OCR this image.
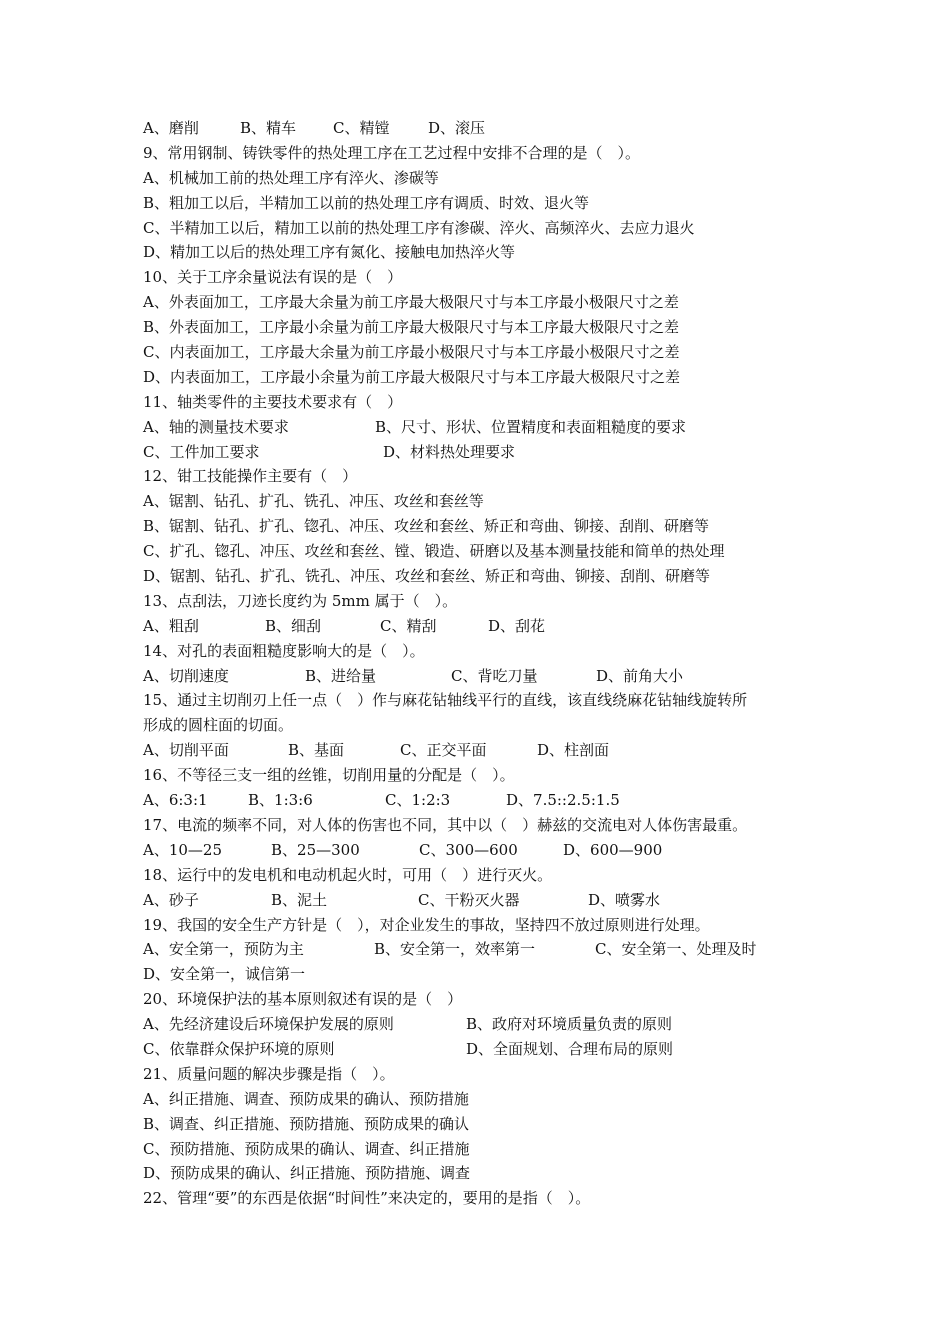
A、磨削	B、精车 C、精镗	D、滚压
9、常用钢制、铸铁零件的热处理工序在工艺过程中安排不合理的是（　）。
A、机械加工前的热处理工序有淬火、渗碳等
B、粗加工以后，半精加工以前的热处理工序有调质、时效、退火等
C、半精加工以后，精加工以前的热处理工序有渗碳、淬火、高频淬火、去应力退火
D、精加工以后的热处理工序有氮化、接触电加热淬火等
10、关于工序余量说法有误的是（　）
A、外表面加工，工序最大余量为前工序最大极限尺寸与本工序最小极限尺寸之差
B、外表面加工，工序最小余量为前工序最大极限尺寸与本工序最大极限尺寸之差
C、内表面加工，工序最大余量为前工序最小极限尺寸与本工序最小极限尺寸之差
D、内表面加工，工序最小余量为前工序最大极限尺寸与本工序最大极限尺寸之差
11、轴类零件的主要技术要求有（　）
A、轴的测量技术要求	B、尺寸、形状、位置精度和表面粗糙度的要求
C、工件加工要求	D、材料热处理要求
12、钳工技能操作主要有（　）
A、锯割、钻孔、扩孔、铣孔、冲压、攻丝和套丝等
B、锯割、钻孔、扩孔、锪孔、冲压、攻丝和套丝、矫正和弯曲、铆接、刮削、研磨等
C、扩孔、锪孔、冲压、攻丝和套丝、镗、锻造、研磨以及基本测量技能和简单的热处理
D、锯割、钻孔、扩孔、铣孔、冲压、攻丝和套丝、矫正和弯曲、铆接、刮削、研磨等
13、点刮法，刀迹长度约为 5mm 属于（　）。
A、粗刮	B、细刮	C、精刮	D、刮花
14、对孔的表面粗糙度影响大的是（　）。
A、切削速度	B、进给量	C、背吃刀量	D、前角大小
15、通过主切削刃上任一点（　）作与麻花钻轴线平行的直线，该直线绕麻花钻轴线旋转所
形成的圆柱面的切面。
A、切削平面	B、基面	C、正交平面	D、柱剖面
16、不等径三支一组的丝锥，切削用量的分配是（　）。
A、6:3:1	B、1:3:6	C、1:2:3	D、7.5::2.5:1.5
17、电流的频率不同，对人体的伤害也不同，其中以（　）赫兹的交流电对人体伤害最重。
A、10—25	B、25—300	C、300—600	D、600—900
18、运行中的发电机和电动机起火时，可用（　）进行灭火。
A、砂子	B、泥土	C、干粉灭火器	D、喷雾水
19、我国的安全生产方针是（　），对企业发生的事故，坚持四不放过原则进行处理。
A、安全第一，预防为主	B、安全第一，效率第一	C、安全第一、处理及时
D、安全第一，诚信第一
20、环境保护法的基本原则叙述有误的是（　）
A、先经济建设后环境保护发展的原则	B、政府对环境质量负责的原则
C、依靠群众保护环境的原则	D、全面规划、合理布局的原则
21、质量问题的解决步骤是指（　）。
A、纠正措施、调查、预防成果的确认、预防措施
B、调查、纠正措施、预防措施、预防成果的确认
C、预防措施、预防成果的确认、调查、纠正措施
D、预防成果的确认、纠正措施、预防措施、调查
22、管理“要”的东西是依据“时间性”来决定的，要用的是指（　）。
